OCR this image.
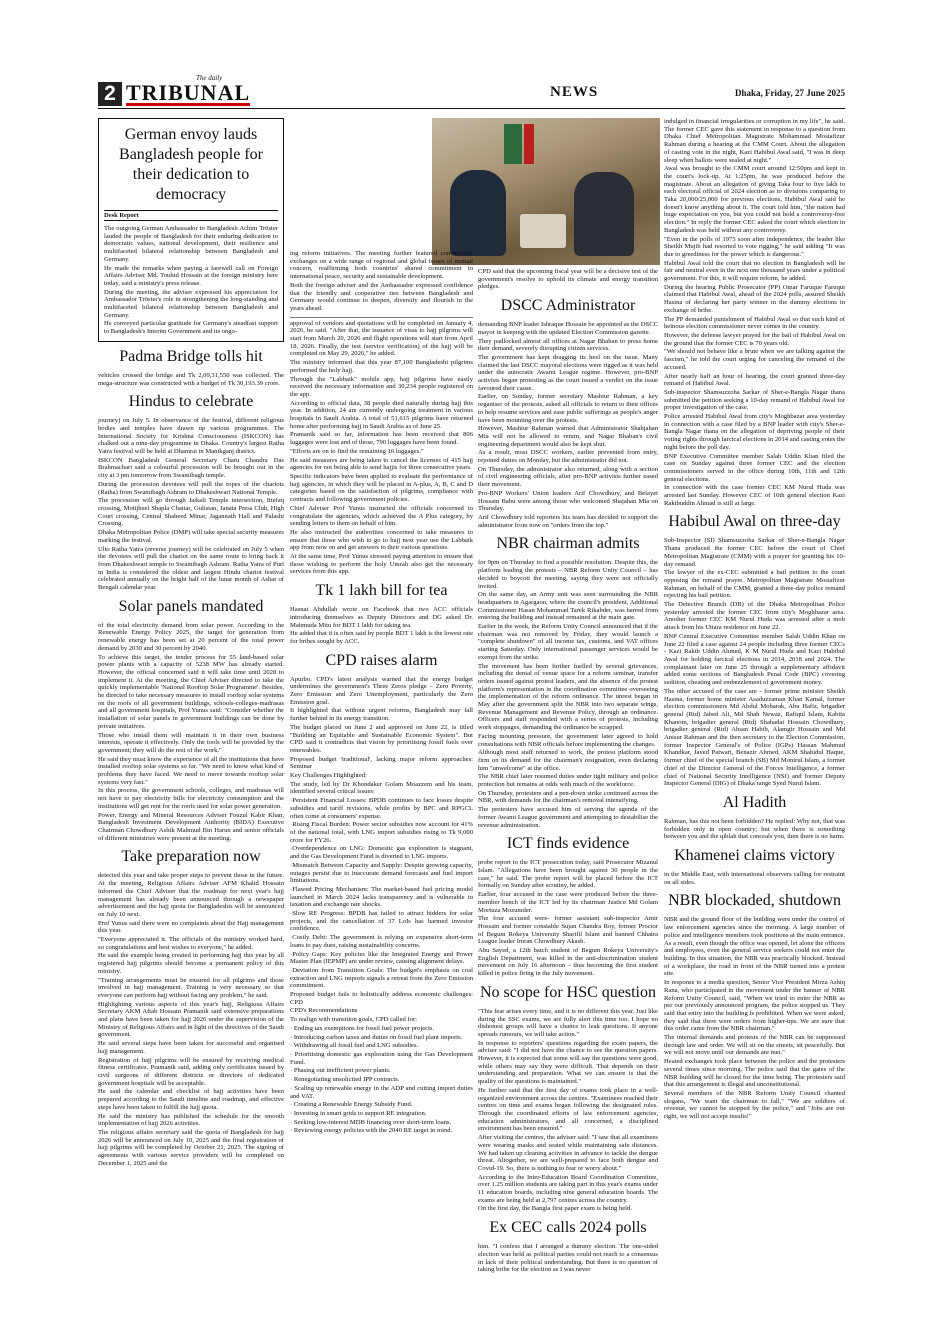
2
The daily
TRIBUNAL	NEWS	Dhaka, Friday, 27 June 2025
German envoy lauds Bangladesh people for their dedication to democracy
Desk Report

The outgoing German Ambassador to Bangladesh Achim Tröster lauded the people of Bangladesh for their enduring dedication to democratic values, national development, their resilience and multifaceted bilateral relationship between Bangladesh and Germany.

He made the remarks when paying a farewell call on Foreign Affairs Adviser Md. Touhid Hossain at the foreign ministry here today, said a ministry's press release.

During the meeting, the adviser expressed his appreciation for Ambassador Tröster's role in strengthening the long-standing and multifaceted bilateral relationship between Bangladesh and Germany.

He conveyed particular gratitude for Germany's steadfast support to Bangladesh's Interim Government and its ongo-

Padma Bridge tolls hit

vehicles crossed the bridge and Tk 2,09,31,550 was collected. The mega-structure was constructed with a budget of Tk 30,193.39 crore.

Hindus to celebrate

journey) on July 5. In observance of the festival, different religious bodies and temples have drawn up various programmes. The International Society for Krishna Consciousness (ISKCON) has chalked out a nine-day programme in Dhaka. Country's largest Ratha Yatra festival will be held at Dhamrai in Manikganj district.

ISKCON Bangladesh General Secretary Charu Chandra Das Brahmachari said a colourful procession will be brought out in the city at 3 pm tomorrow from Swamibagh temple.

During the procession devotees will pull the ropes of the chariots (Ratha) from Swamibagh Ashram to Dhakeshwari National Temple.

The procession will go through Jaikali Temple intersection, Ittefaq crossing, Motijheel Shapla Chattar, Gulistan, Janata Press Club, High Court crossing, Central Shaheed Minar, Jagannath Hall and Palashi Crossing.

Dhaka Metropolitan Police (DMP) will take special security measures marking the festival.

Ulto Ratha Yatra (reverse journey) will be celebrated on July 5 when the devotees will pull the chariot on the same route to bring back it from Dhakeshwari temple to Swamibagh Ashram. Ratha Yatra of Puri in India is considered the oldest and largest Hindu chariot festival celebrated annually on the bright half of the lunar month of Ashar of Bengali calendar year.

Solar panels mandated

of the total electricity demand from solar power. According to the Renewable Energy Policy 2025, the target for generation from renewable energy has been set at 20 percent of the total power demand by 2030 and 30 percent by 2040.

To achieve this target, the tender process for 55 land-based solar power plants with a capacity of 5238 MW has already started. However, the official concerned said it will take time until 2028 to implement it. At the meeting, the Chief Adviser directed to take the quickly implementable 'National Rooftop Solar Programme'. Besides, he directed to take necessary measures to install rooftop solar systems on the roofs of all government buildings, schools-colleges-madrasas and all government hospitals, Prof Yunus said: "Consider whether the installation of solar panels in government buildings can be done by private initiatives.

Those who install them will maintain it in their own business interests, operate it effectively. Only the tools will be provided by the government; they will do the rest of the work."

He said they must know the experience of all the institutions that have installed rooftop solar systems so far. "We need to know what kind of problems they have faced. We need to move towards rooftop solar systems very fast."

In this process, the government schools, colleges, and madrasas will not have to pay electricity bills for electricity consumption and the institutions will get rent for the roofs used for solar power generation.

Power, Energy and Mineral Resources Adviser Fouzul Kabir Khan, Bangladesh Investment Development Authority (BIDA) Executive Chairman Chowdhury Ashik Mahmud Bin Harun and senior officials of different ministries were present at the meeting.

Take preparation now

detected this year and take proper steps to prevent those in the future. At the meeting, Religious Affairs Adviser AFM Khalid Hossain informed the Chief Adviser that the roadmap for next year's hajj management has already been announced through a newspaper advertisement and the hajj quota for Bangladeshis will be announced on July 10 next.

Prof Yunus said there were no complaints about the Hajj management this year.

"Everyone appreciated it. The officials of the ministry worked hard, so congratulations and best wishes to everyone," he added.

He said the example being created in performing hajj this year by all registered hajj pilgrims should become a permanent policy of this ministry.

"Training arrangements must be ensured for all pilgrims and those involved in hajj management. Training is very necessary so that everyone can perform hajj without facing any problem," he said.

Highlighting various aspects of this year's hajj, Religious Affairs Secretary AKM Aftab Hossain Pramanik said extensive preparations and plans have been taken for hajj 2026 under the supervision of the Ministry of Religious Affairs and in light of the directives of the Saudi government.

He said several steps have been taken for successful and organised hajj management.

Registration of hajj pilgrims will be ensured by receiving medical fitness certificates. Pramanik said, adding only certificates issued by civil surgeons of different districts or directors of dedicated government hospitals will be acceptable.

He said the calendar and checklist of hajj activities have been prepared according to the Saudi timeline and roadmap, and effective steps have been taken to fulfill the hajj quota.

He said the ministry has published the schedule for the smooth implementation of hajj 2026 activities.

The religious affairs secretary said the quota of Bangladesh for hajj 2026 will be announced on July 10, 2025 and the final registration of hajj pilgrims will be completed by October 21, 2025. The signing of agreements with various service providers will be completed on December 1, 2025 and the

ing reform initiatives. The meeting further featured constructive exchanges on a wide range of regional and global issues of mutual concern, reaffirming both countries' shared commitment to international peace, security and sustainable development.

Both the foreign adviser and the Ambassador expressed confidence that the friendly and cooperative ties between Bangladesh and Germany would continue to deepen, diversify and flourish in the years ahead.

approval of vendors and quotations will be completed on January 4, 2026, he said. "After that, the issuance of visas to hajj pilgrims will start from March 20, 2026 and flight operations will start from April 18, 2026. Finally, the test (service verification) of the hajj will be completed on May 29, 2026," he added.

The ministry informed that this year 87,100 Bangladeshi pilgrims performed the holy hajj.

Through the "Labbaik" mobile app, hajj pilgrims have easily received the necessary information and 30,234 people registered on the app.

According to official data, 38 people died naturally during hajj this year. In addition, 24 are currently undergoing treatment in various hospitals in Saudi Arabia. A total of 51,615 pilgrims have returned home after performing hajj in Saudi Arabia as of June 25.

Pramanik said so far, information has been received that 806 luggages were lost and of those, 790 luggages have been found.

"Efforts are on to find the remaining 16 luggages."

He said measures are being taken to cancel the licenses of 415 hajj agencies for not being able to send hajjis for three consecutive years.

Specific indicators have been applied to evaluate the performance of hajj agencies, in which they will be placed in A-plus, A, B, C and D categories based on the satisfaction of pilgrims, compliance with contracts and following government policies.

Chief Adviser Prof Yunus instructed the officials concerned to congratulate the agencies, which achieved the A Plus category, by sending letters to them on behalf of him.

He also instructed the authorities concerned to take measures to ensure that those who wish to go to hajj next year use the Labbaik app from now on and get answers to their various questions.

At the same time, Prof Yunus stressed paying attention to ensure that those wishing to perform the holy Umrah also get the necessary services from this app.

Tk 1 lakh bill for tea

Hasnat Abdullah wrote on Facebook that two ACC officials introducing themselves as Deputy Directors and DG asked Dr. Mahmuda Mitu for BDT 1 lakh for taking tea.

He added that it is often said by people BDT 1 lakh is the lowest rate for bribes sought by ACC.

CPD raises alarm

Apurbo. CPD's latest analysis warned that the energy budget undermines the government's Three Zeros pledge – Zero Poverty, Zero Emission and Zero Unemployment, particularly the Zero Emission goal.

It highlighted that without urgent reforms, Bangladesh may fall further behind in its energy transition.

The budget placed on June 2 and approved on June 22, is titled "Building an Equitable and Sustainable Economic System". But CPD said it contradicts that vision by prioritising fossil fuels over renewables.

Proposed budget 'traditional', lacking major reform approaches: Seminar

Key Challenges Highlighted:

The study, led by Dr Khondaker Golam Moazzem and his team, identified several critical issues:

·Persistent Financial Losses: BPDB continues to face losses despite subsidies and tariff revisions, while profits by BPC and RPGCL often come at consumers' expense.

·Rising Fiscal Burden: Power sector subsidies now account for 41% of the national total, with LNG import subsidies rising to Tk 9,000 crore for FY26.

·Overdependence on LNG: Domestic gas exploration is stagnant, and the Gas Development Fund is diverted to LNG imports.

·Mismatch Between Capacity and Supply: Despite growing capacity, outages persist due to inaccurate demand forecasts and fuel import limitations.

·Flawed Pricing Mechanism: The market-based fuel pricing model launched in March 2024 lacks transparency and is vulnerable to taxation and exchange rate shocks.

·Slow RE Progress: BPDB has failed to attract bidders for solar projects, and the cancellation of 37 LoIs has harmed investor confidence.

·Costly Debt: The government is relying on expensive short-term loans to pay dues, raising sustainability concerns.

·Policy Gaps: Key policies like the Integrated Energy and Power Master Plan (IEPMP) are under review, causing alignment delays.

·Deviation from Transition Goals: The budget's emphasis on coal extraction and LNG imports signals a retreat from the Zero Emission commitment.

Proposed budget fails to holistically address economic challenges: CPD

CPD's Recommendations

To realign with transition goals, CPD called for:

· Ending tax exemptions for fossil fuel power projects.

· Introducing carbon taxes and duties on fossil fuel plant imports.

· Withdrawing all fossil fuel and LNG subsidies.

· Prioritising domestic gas exploration using the Gas Development Fund.

· Phasing out inefficient power plants.

· Renegotiating unsolicited IPP contracts.

· Scaling up renewable energy in the ADP and cutting import duties and VAT.

· Creating a Renewable Energy Subsidy Fund.

· Investing in smart grids to support RE integration.

· Seeking low-interest MDB financing over short-term loans.

· Reviewing energy policies with the 2040 RE target in mind.

CPD said that the upcoming fiscal year will be a decisive test of the government's resolve to uphold its climate and energy transition pledges.

DSCC Administrator

demanding BNP leader Ishraque Hossain be appointed as the DSCC mayor in keeping with the updated Election Commission gazette.

They padlocked almost all offices at Nagar Bhaban to press home their demand, severely disrupting citizen services.

The government has kept dragging its heel on the issue. Many claimed the last DSCC mayoral elections were rigged as it was held under the autocratic Awami League regime. However, pro-BNP activists began protesting as the court issued a verdict on the issue favoured their cause.

Earlier, on Sunday, former secretary Mashiur Rahman, a key organiser of the protests, asked all officials to return to their offices to help resume services and ease public sufferings as people's anger have been mounting over the protests.

However, Mashiur Rahman warned that Administrator Shahjahan Mia will not be allowed to return, and Nagar Bhaban's civil engineering department would also be kept shut.

As a result, most DSCC workers, earlier prevented from entry, rejoined duties on Monday, but the administrator did not.

On Thursday, the administrator also returned, along with a section of civil engineering officials, after pro-BNP activists further eased their movement.

Pro-BNP Workers' Union leaders Arif Chowdhury, and Belayet Hossain Babu were among those who welcomed Shajahan Mia on Thursday.

Arif Chowdhury told reporters his team has decided to support the administrator from now on "orders from the top."

NBR chairman admits

for 9pm on Thursday to find a possible resolution. Despite this, the platform leading the protests – NBR Reform Unity Council – has decided to boycott the meeting, saying they were not officially invited.

On the same day, an Army unit was seen surrounding the NBR headquarters in Agargaon, where the council's president, Additional Commissioner Hasan Mohammad Tarek Rikabder, was barred from entering the building and instead remained at the main gate.

Earlier in the week, the Reform Unity Council announced that if the chairman was not removed by Friday, they would launch a "complete shutdown" of all income tax, customs, and VAT offices starting Saturday. Only international passenger services would be exempt from the strike.

The movement has been further fuelled by several grievances, including the denial of venue space for a reform seminar, transfer orders issued against protest leaders, and the absence of the protest platform's representation in the coordination committee overseeing the implementation of the reform ordinance. The unrest began in May after the government split the NBR into two separate wings, Revenue Management and Revenue Policy, through an ordinance. Officers and staff responded with a series of protests, including work stoppages, demanding the ordinance be scrapped.

Facing mounting pressure, the government later agreed to hold consultations with NBR officials before implementing the changes.

Although most staff returned to work, the protest platform stood firm on its demand for the chairman's resignation, even declaring him "unwelcome" at the office.

The NBR chief later resumed duties under tight military and police protection but remains at odds with much of the workforce.

On Thursday, protesters and a pen-down strike continued across the NBR, with demands for the chairman's removal intensifying.

The protesters have accused him of serving the agenda of the former Awami League government and attempting to destabilise the revenue administration.

ICT finds evidence

probe report to the ICT prosecution today, said Prosecutor Mizanul Islam. "Allegations have been brought against 30 people in the case," he said. The probe report will be placed before the ICT formally on Sunday after scrutiny, he added.

Earlier, four accused in the case were produced before the three-member bench of the ICT led by its chairman Justice Md Golam Mortuza Mozumder.

The four accused were- former assistant sub-inspector Amir Hossain and former constable Sujan Chandra Roy, former Proctor of Begum Rokeya University Sharifil Islam and banned Chhatra League leader Imran Chowdhury Akash.

Abu Sayed, a 12th batch student of Begum Rokeya University's English Department, was killed in the anti-discrimination student movement on July 16 afternoon – thus becoming the first student killed in police firing in the July movement.

No scope for HSC question

"This fear arises every time, and it is no different this year. Just like during the SSC exams, we are fully alert this time too. I hope no dishonest groups will have a chance to leak questions. If anyone spreads rumours, we will take action."

In response to reporters' questions regarding the exam papers, the adviser said: "I did not have the chance to see the question papers. However, it is expected that some will say the questions were good, while others may say they were difficult. That depends on their understanding and preparation. What we can ensure is that the quality of the questions is maintained."

He further said that the first day of exams took place in a well-organized environment across the centres. "Examinees reached their centres on time and exams began following the designated rules. Through the coordinated efforts of law enforcement agencies, education administrators, and all concerned, a disciplined environment has been ensured."

After visiting the centres, the adviser said: "I saw that all examinees were wearing masks and seated while maintaining safe distances. We had taken up cleaning activities in advance to tackle the dengue threat. Altogether, we are well-prepared to face both dengue and Covid-19. So, there is nothing to fear or worry about."

According to the Inter-Education Board Coordination Committee, over 1.25 million students are taking part in this year's exams under 11 education boards, including nine general education boards. The exams are being held at 2,797 centres across the country.

On the first day, the Bangla first paper exam is being held.

Ex CEC calls 2024 polls

him. "I confess that I arranged a dummy election. The one-sided election was held as political parties could not reach to a consensus in lack of their political understanding. But there is no question of taking bribe for the election as I was never

indulged in financial irregularities or corruption in my life", he said. The former CEC gave this statement in response to a question from Dhaka Chief Metropolitan Magistrate Mohammad Mostafizur Rahman during a hearing at the CMM Court. About the allegation of casting vote in the night, Kazi Habibul Awal said, "I was in deep sleep when ballots were sealed at night."

Awal was brought to the CMM court around 12:50pm and kept in the court's lock-up. At 1:25pm, he was produced before the magistrate. About an allegation of giving Taka four to five lakh to each electoral official of 2024 election as to divisions comparing to Taka 20,000/25,000 for previous elections, Habibul Awal said he doesn't know anything about it. The court told him, "the nation had huge expectation on you, but you could not hold a controversy-free election." In reply the former CEC asked the court which election in Bangladesh was held without any controversy.

"Even in the polls of 1973 soon after independence, the leader like Sheikh Mujib had resorted to vote rigging," he said adding "It was due to greediness for the power which is dangerous."

Habibul Awal told the court that no election in Bangladesh will be fair and neutral even in the next one thousand years under a political government. For this, it will require reform, he added.

During the hearing Public Prosecutor (PP) Omar Faruque Faruqui claimed that Habibul Awal, ahead of the 2024 polls, assured Sheikh Hasina of declaring her party winner in the dummy elections in exchange of bribe.

The PP demanded punishment of Habibul Awal so that such kind of heinous election commissioner never comes in the country.

However, the defense lawyer prayed for the bail of Habibul Awal on the ground that the former CEC is 70 years old.

"We should not behave like a brute when we are talking against the fascism," he told the court urging for canceling the remand of the accused.

After nearly half an hour of hearing, the court granted three-day remand of Habibul Awal.

Sub-inspector Shamsuzzoha Sarkar of Sher-e-Bangla Nagar thana submitted the petition seeking a 10-day remand of Habibul Awal for proper investigation of the case.

Police arrested Habibul Awal from city's Moghbazar area yesterday in connection with a case filed by a BNP leader with city's Sher-e-Bangla Nagar thana on the allegation of depriving people of their voting rights through farcical elections in 2014 and casting votes the night before the poll day.

BNP Executive Committee member Salah Uddin Khan filed the case on Sunday against three former CEC and the election commissioners served in the office during 10th, 11th and 12th general elections.

In connection with the case former CEC KM Nurul Huda was arrested last Sunday. However CEC of 10th general election Kazi Rakibuddin Ahmad is still at large.

Habibul Awal on three-day

Sub-Inspector (SI) Shamsuzzoha Sarkar of Sher-e-Bangla Nagar Thana produced the former CEC before the court of Chief Metropolitan Magistrate (CMM) with a prayer for granting his 10-day remand.

The lawyer of the ex-CEC submitted a bail petition to the court opposing the remand prayer. Metropolitan Magistrate Mostafizur Rahman, on behalf of the CMM, granted a three-day police remand rejecting his bail petition.

The Detective Branch (DB) of the Dhaka Metropolitan Police yesterday arrested the former CEC from city's Moghbazar area. Another former CEC KM Nurul Huda was arrested after a mob attack from his Uttara residence on June 22.

BNP Central Executive Committee member Salah Uddin Khan on June 22 filed a case against 24 people including three former CECs - Kazi Rakib Uddin Ahmed, K M Nurul Huda and Kazi Habibul Awal for holding farcical elections in 2014, 2018 and 2024. The complainant later on June 25 through a supplementary affidavit added some sections of Bangladesh Penal Code (BPC) covering sedition, cheating and embezzlement of government money.

The other accused of the case are - former prime minister Sheikh Hasina, former home minister Asaduzzaman Khan Kamal, former election commissioners Md Abdul Mobarak, Abu Hafiz, brigadier general (Rtd) Jabed Ali, Md Shah Newaz, Rafiqul Islam, Kabita Khanom, brigadier general (Rtd) Shahadat Hossain Chowdhury, brigadier general (Rtd) Ahsan Habib, Alamgir Hossain and Md Anisur Rahman and the then secretary to the Election Commission, former Inspector General's of Police (IGPs) Hassan Mahmud Khandkar, Javed Patwari, Benazir Ahmed, AKM Shahidul Haque, former chief of the special branch (SB) Md Monirul Islam, a former chief of the Director General of the Forces Intelligence, a former chief of National Security Intelligence (NSI) and former Deputy Inspector General (DIG) of Dhaka range Syed Nurul Islam.

Al Hadith

Rahman, has this not been forbidden? He replied: Why not, that was forbidden only in open country; but when there is something between you and the qiblah that conceals you, then there is no harm.

Khamenei claims victory

in the Middle East, with international observers calling for restraint on all sides.

NBR blockaded, shutdown

NBR and the ground floor of the building were under the control of law enforcement agencies since the morning. A large number of police and intelligence members took positions at the main entrance. As a result, even though the office was opened, let alone the officers and employees, even the general service seekers could not enter the building. In this situation, the NBR was practically blocked. Instead of a workplace, the road in front of the NBR turned into a protest site.

In response to a media question, Senior Vice President Mirza Ashiq Rana, who participated in the movement under the banner of NBR Reform Unity Council, said, "When we tried to enter the NBR as per our previously announced program, the police stopped us. They said that entry into the building is prohibited. When we were asked, they said that there were orders from higher-ups. We are sure that this order came from the NBR chairman."

The internal demands and protests of the NBR can be suppressed through law and order. We will sit on the streets, sit peacefully. But we will not move until our demands are met."

Heated exchanges took place between the police and the protesters several times since morning. The police said that the gates of the NBR building will be closed for the time being. The protesters said that this arrangement is illegal and unconstitutional.

Several members of the NBR Reform Unity Council chanted slogans, "We want the chairman to fall," "We are soldiers of revenue, we cannot be stopped by the police," and "Jobs are our right, we will not accept insults!"
